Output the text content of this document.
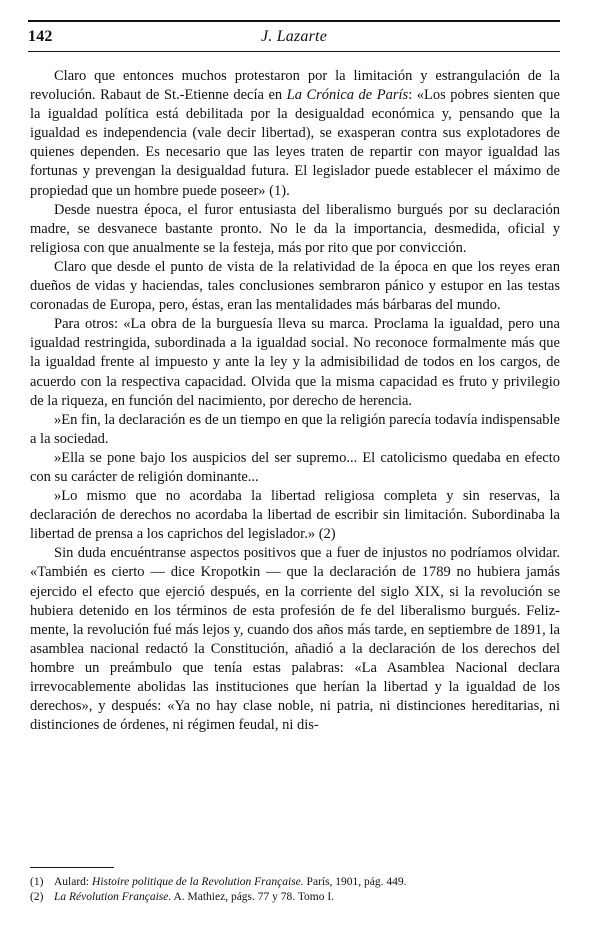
142	J. Lazarte

Claro que entonces muchos protestaron por la limitación y estrangulación de la revolución. Rabaut de St.-Etienne decía en La Crónica de París: «Los pobres sienten que la igualdad política está debilitada por la desigualdad económica y, pensando que la igualdad es independencia (vale decir libertad), se exasperan contra sus explotadores de quienes dependen. Es necesario que las leyes traten de repartir con mayor igualdad las fortunas y prevengan la desigualdad futura. El legislador puede establecer el máximo de propiedad que un hombre puede poseer» (1).

Desde nuestra época, el furor entusiasta del liberalismo burgués por su declaración madre, se desvanece bastante pronto. No le da la importancia, desmedida, oficial y religiosa con que anualmente se la festeja, más por rito que por convicción.

Claro que desde el punto de vista de la relatividad de la época en que los reyes eran dueños de vidas y haciendas, tales conclusiones sembraron pánico y estupor en las testas coronadas de Europa, pero, éstas, eran las mentalidades más bárbaras del mundo.

Para otros: «La obra de la burguesía lleva su marca. Proclama la igualdad, pero una igualdad restringida, subordinada a la igualdad social. No reconoce formalmente más que la igualdad frente al impuesto y ante la ley y la admisibilidad de todos en los cargos, de acuerdo con la respectiva capacidad. Olvida que la misma capacidad es fruto y privilegio de la riqueza, en función del nacimiento, por derecho de herencia.

»En fin, la declaración es de un tiempo en que la religión parecía todavía indispensable a la sociedad.

»Ella se pone bajo los auspicios del ser supremo... El catolicismo quedaba en efecto con su carácter de religión dominante...

»Lo mismo que no acordaba la libertad religiosa completa y sin reservas, la declaración de derechos no acordaba la libertad de escribir sin limitación. Subordinaba la libertad de prensa a los caprichos del legislador.» (2)

Sin duda encuéntranse aspectos positivos que a fuer de injustos no podríamos olvidar. «También es cierto — dice Kropotkin — que la declaración de 1789 no hubiera jamás ejercido el efecto que ejerció después, en la corriente del siglo XIX, si la revolución se hubiera detenido en los términos de esta profesión de fe del liberalismo burgués. Felizmente, la revolución fué más lejos y, cuando dos años más tarde, en septiembre de 1891, la asamblea nacional redactó la Constitución, añadió a la declaración de los derechos del hombre un preámbulo que tenía estas palabras: «La Asamblea Nacional declara irrevocablemente abolidas las instituciones que herían la libertad y la igualdad de los derechos», y después: «Ya no hay clase noble, ni patria, ni distinciones hereditarias, ni distinciones de órdenes, ni régimen feudal, ni dis-

(1) Aulard: Histoire politique de la Revolution Française. París, 1901, pág. 449.
(2) La Révolution Française. A. Mathiez, págs. 77 y 78. Tomo I.
